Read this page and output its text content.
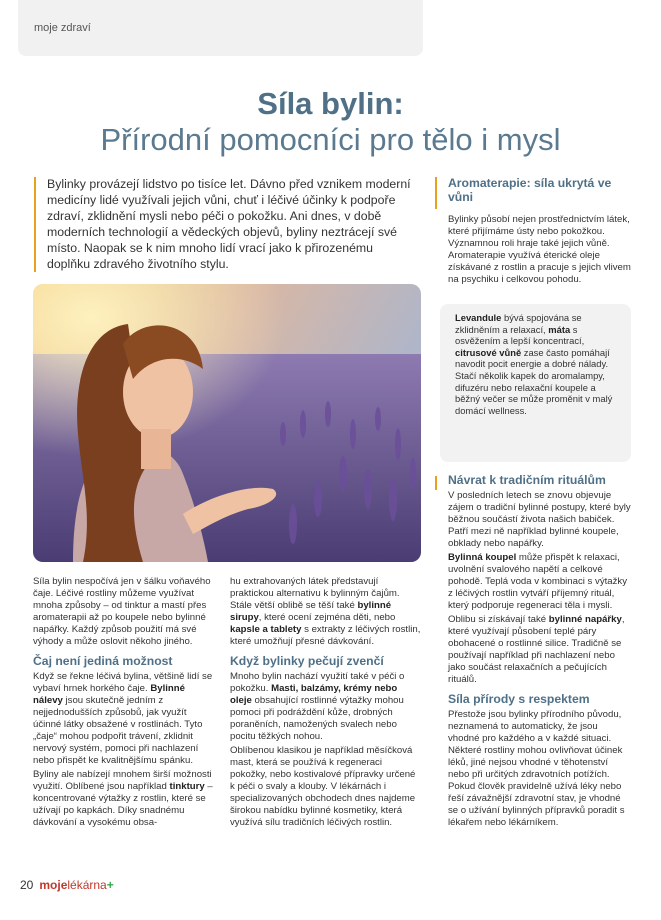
moje zdraví
Síla bylin:
Přírodní pomocníci pro tělo i mysl
Bylinky provázejí lidstvo po tisíce let. Dávno před vznikem moderní medicíny lidé využívali jejich vůni, chuť i léčivé účinky k podpoře zdraví, zklidnění mysli nebo péči o pokožku. Ani dnes, v době moderních technologií a vědeckých objevů, byliny neztrácejí své místo. Naopak se k nim mnoho lidí vrací jako k přirozenému doplňku zdravého životního stylu.

Síla bylin nespočívá jen v šálku voňavého čaje. Léčivé rostliny můžeme využívat mnoha způsoby – od tinktur a mastí přes aromaterapii až po koupele nebo bylinné napářky. Každý způsob použití má své výhody a může oslovit někoho jiného.

Čaj není jediná možnost

Když se řekne léčivá bylina, většině lidí se vybaví hrnek horkého čaje. Bylinné nálevy jsou skutečně jedním z nejjednodušších způsobů, jak využít účinné látky obsažené v rostlinách. Tyto „čaje“ mohou podpořit trávení, zklidnit nervový systém, pomoci při nachlazení nebo přispět ke kvalitnějšímu spánku.

Byliny ale nabízejí mnohem širší možnosti využití. Oblíbené jsou například tinktury – koncentrované výtažky z rostlin, které se užívají po kapkách. Díky snadnému dávkování a vysokému obsa-

hu extrahovaných látek představují praktickou alternativu k bylinným čajům. Stále větší oblibě se těší také bylinné sirupy, které ocení zejména děti, nebo kapsle a tablety s extrakty z léčivých rostlin, které umožňují přesné dávkování.

Když bylinky pečují zvenčí

Mnoho bylin nachází využití také v péči o pokožku. Masti, balzámy, krémy nebo oleje obsahující rostlinné výtažky mohou pomoci při podráždění kůže, drobných poraněních, namožených svalech nebo pocitu těžkých nohou.

Oblíbenou klasikou je například měsíčková mast, která se používá k regeneraci pokožky, nebo kostivalové přípravky určené k péči o svaly a klouby. V lékárnách i specializovaných obchodech dnes najdeme širokou nabídku bylinné kosmetiky, která využívá sílu tradičních léčivých rostlin.

Aromaterapie: síla ukrytá ve vůni

Bylinky působí nejen prostřednictvím látek, které přijímáme ústy nebo pokožkou. Významnou roli hraje také jejich vůně. Aromaterapie využívá éterické oleje získávané z rostlin a pracuje s jejich vlivem na psychiku i celkovou pohodu.

Levandule bývá spojována se zklidněním a relaxací, máta s osvěžením a lepší koncentrací, citrusové vůně zase často pomáhají navodit pocit energie a dobré nálady. Stačí několik kapek do aromalampy, difuzéru nebo relaxační koupele a běžný večer se může proměnit v malý domácí wellness.
Návrat k tradičním rituálům

V posledních letech se znovu objevuje zájem o tradiční bylinné postupy, které byly běžnou součástí života našich babiček. Patří mezi ně například bylinné koupele, obklady nebo napářky.

Bylinná koupel může přispět k relaxaci, uvolnění svalového napětí a celkové pohodě. Teplá voda v kombinaci s výtažky z léčivých rostlin vytváří příjemný rituál, který podporuje regeneraci těla i mysli.

Oblibu si získávají také bylinné napářky, které využívají působení teplé páry obohacené o rostlinné silice. Tradičně se používají například při nachlazení nebo jako součást relaxačních a pečujících rituálů.

Síla přírody s respektem

Přestože jsou bylinky přírodního původu, neznamená to automaticky, že jsou vhodné pro každého a v každé situaci. Některé rostliny mohou ovlivňovat účinek léků, jiné nejsou vhodné v těhotenství nebo při určitých zdravotních potížích. Pokud člověk pravidelně užívá léky nebo řeší závažnější zdravotní stav, je vhodné se o užívání bylinných přípravků poradit s lékařem nebo lékárníkem.

20 mojelékárna+
